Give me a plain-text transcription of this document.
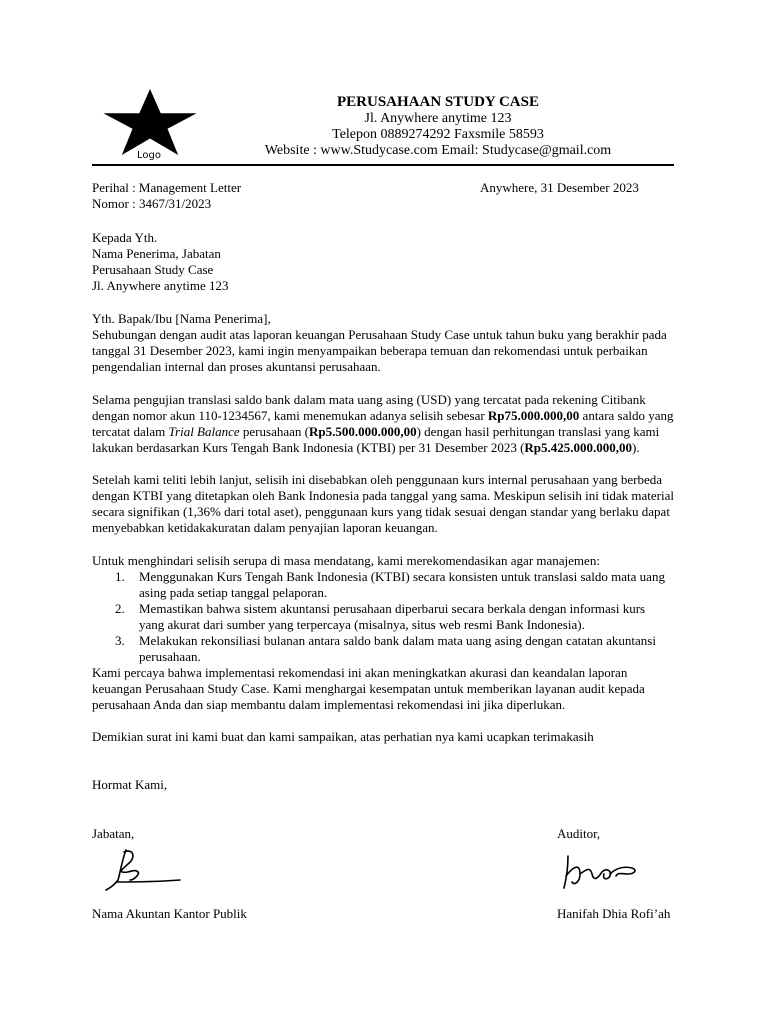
Logo
PERUSAHAAN STUDY CASE
Jl. Anywhere anytime 123
Telepon 0889274292 Faxsmile 58593
Website : www.Studycase.com Email: Studycase@gmail.com
Perihal : Management Letter
Nomor : 3467/31/2023
Anywhere, 31 Desember 2023

Kepada Yth.

Nama Penerima, Jabatan

Perusahaan Study Case

Jl. Anywhere anytime 123

Yth. Bapak/Ibu [Nama Penerima],
Sehubungan dengan audit atas laporan keuangan Perusahaan Study Case untuk tahun buku yang berakhir pada tanggal 31 Desember 2023, kami ingin menyampaikan beberapa temuan dan rekomendasi untuk perbaikan pengendalian internal dan proses akuntansi perusahaan.
Selama pengujian translasi saldo bank dalam mata uang asing (USD) yang tercatat pada rekening Citibank dengan nomor akun 110-1234567, kami menemukan adanya selisih sebesar Rp75.000.000,00 antara saldo yang tercatat dalam Trial Balance perusahaan (Rp5.500.000.000,00) dengan hasil perhitungan translasi yang kami lakukan berdasarkan Kurs Tengah Bank Indonesia (KTBI) per 31 Desember 2023 (Rp5.425.000.000,00).
Setelah kami teliti lebih lanjut, selisih ini disebabkan oleh penggunaan kurs internal perusahaan yang berbeda dengan KTBI yang ditetapkan oleh Bank Indonesia pada tanggal yang sama. Meskipun selisih ini tidak material secara signifikan (1,36% dari total aset), penggunaan kurs yang tidak sesuai dengan standar yang berlaku dapat menyebabkan ketidakakuratan dalam penyajian laporan keuangan.
Untuk menghindari selisih serupa di masa mendatang, kami merekomendasikan agar manajemen:
1. Menggunakan Kurs Tengah Bank Indonesia (KTBI) secara konsisten untuk translasi saldo mata uang asing pada setiap tanggal pelaporan.
2. Memastikan bahwa sistem akuntansi perusahaan diperbarui secara berkala dengan informasi kurs yang akurat dari sumber yang terpercaya (misalnya, situs web resmi Bank Indonesia).
3. Melakukan rekonsiliasi bulanan antara saldo bank dalam mata uang asing dengan catatan akuntansi perusahaan.
Kami percaya bahwa implementasi rekomendasi ini akan meningkatkan akurasi dan keandalan laporan keuangan Perusahaan Study Case. Kami menghargai kesempatan untuk memberikan layanan audit kepada perusahaan Anda dan siap membantu dalam implementasi rekomendasi ini jika diperlukan.
Demikian surat ini kami buat dan kami sampaikan, atas perhatian nya kami ucapkan terimakasih
Hormat Kami,
Jabatan,	Auditor,
Nama Akuntan Kantor Publik	Hanifah Dhia Rofi’ah
